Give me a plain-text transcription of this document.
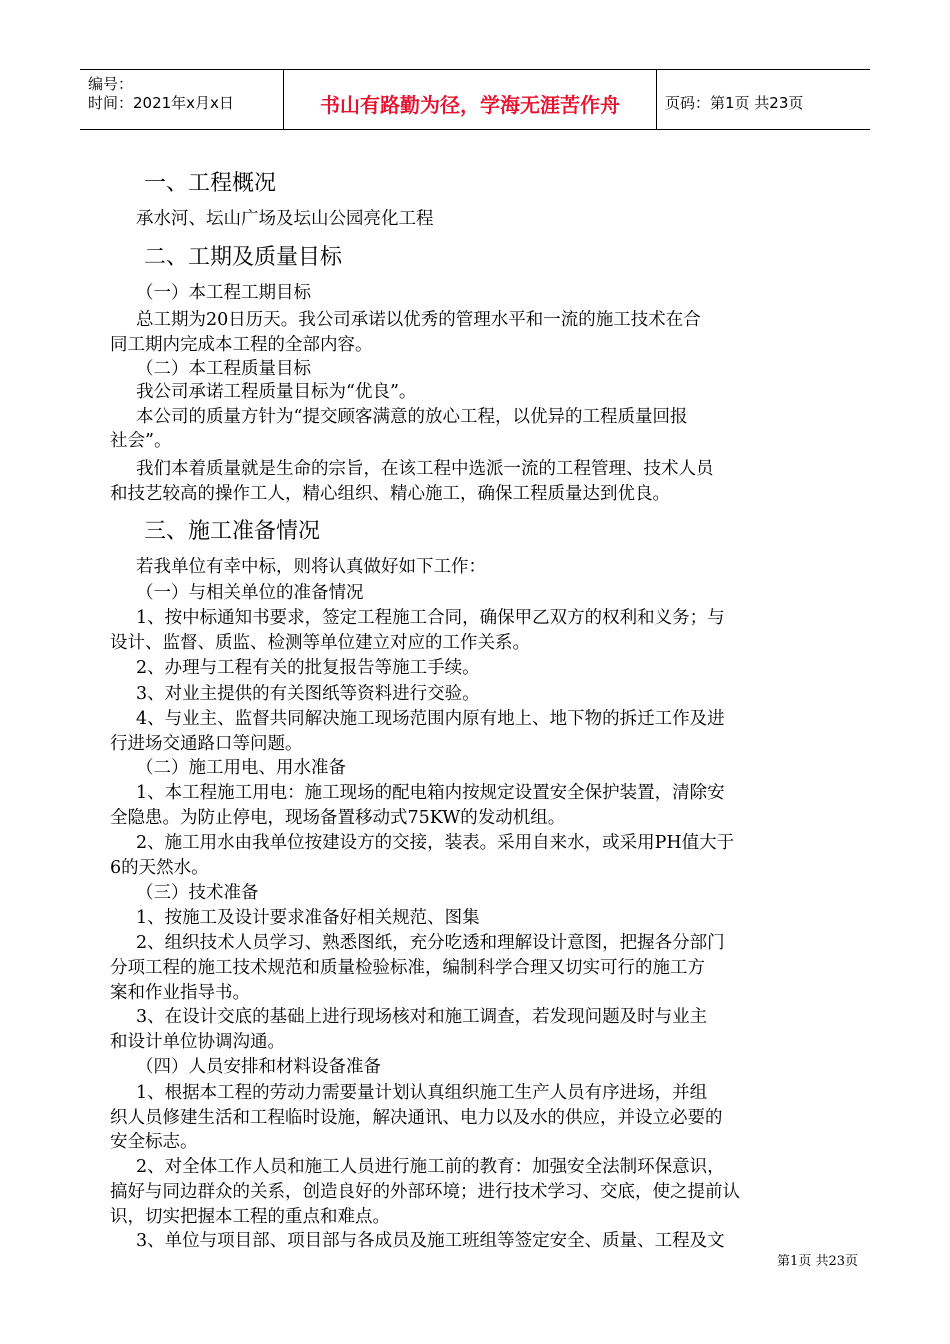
编号：
时间：2021年x月x日	书山有路勤为径，学海无涯苦作舟	页码：第1页 共23页
一、工程概况
承水河、坛山广场及坛山公园亮化工程
二、工期及质量目标
（一）本工程工期目标
总工期为20日历天。我公司承诺以优秀的管理水平和一流的施工技术在合
同工期内完成本工程的全部内容。
（二）本工程质量目标
我公司承诺工程质量目标为“优良”。
本公司的质量方针为“提交顾客满意的放心工程，以优异的工程质量回报
社会”。
我们本着质量就是生命的宗旨，在该工程中选派一流的工程管理、技术人员
和技艺较高的操作工人，精心组织、精心施工，确保工程质量达到优良。
三、施工准备情况
若我单位有幸中标，则将认真做好如下工作：
（一）与相关单位的准备情况
1、按中标通知书要求，签定工程施工合同，确保甲乙双方的权利和义务；与
设计、监督、质监、检测等单位建立对应的工作关系。
2、办理与工程有关的批复报告等施工手续。
3、对业主提供的有关图纸等资料进行交验。
4、与业主、监督共同解决施工现场范围内原有地上、地下物的拆迁工作及进
行进场交通路口等问题。
（二）施工用电、用水准备
1、本工程施工用电：施工现场的配电箱内按规定设置安全保护装置，清除安
全隐患。为防止停电，现场备置移动式75KW的发动机组。
2、施工用水由我单位按建设方的交接，装表。采用自来水，或采用PH值大于
6的天然水。
（三）技术准备
1、按施工及设计要求准备好相关规范、图集
2、组织技术人员学习、熟悉图纸，充分吃透和理解设计意图，把握各分部门
分项工程的施工技术规范和质量检验标准，编制科学合理又切实可行的施工方
案和作业指导书。
3、在设计交底的基础上进行现场核对和施工调查，若发现问题及时与业主
和设计单位协调沟通。
（四）人员安排和材料设备准备
1、根据本工程的劳动力需要量计划认真组织施工生产人员有序进场，并组
织人员修建生活和工程临时设施，解决通讯、电力以及水的供应，并设立必要的
安全标志。
2、对全体工作人员和施工人员进行施工前的教育：加强安全法制环保意识，
搞好与同边群众的关系，创造良好的外部环境；进行技术学习、交底，使之提前认
识，切实把握本工程的重点和难点。
3、单位与项目部、项目部与各成员及施工班组等签定安全、质量、工程及文
第1页 共23页
